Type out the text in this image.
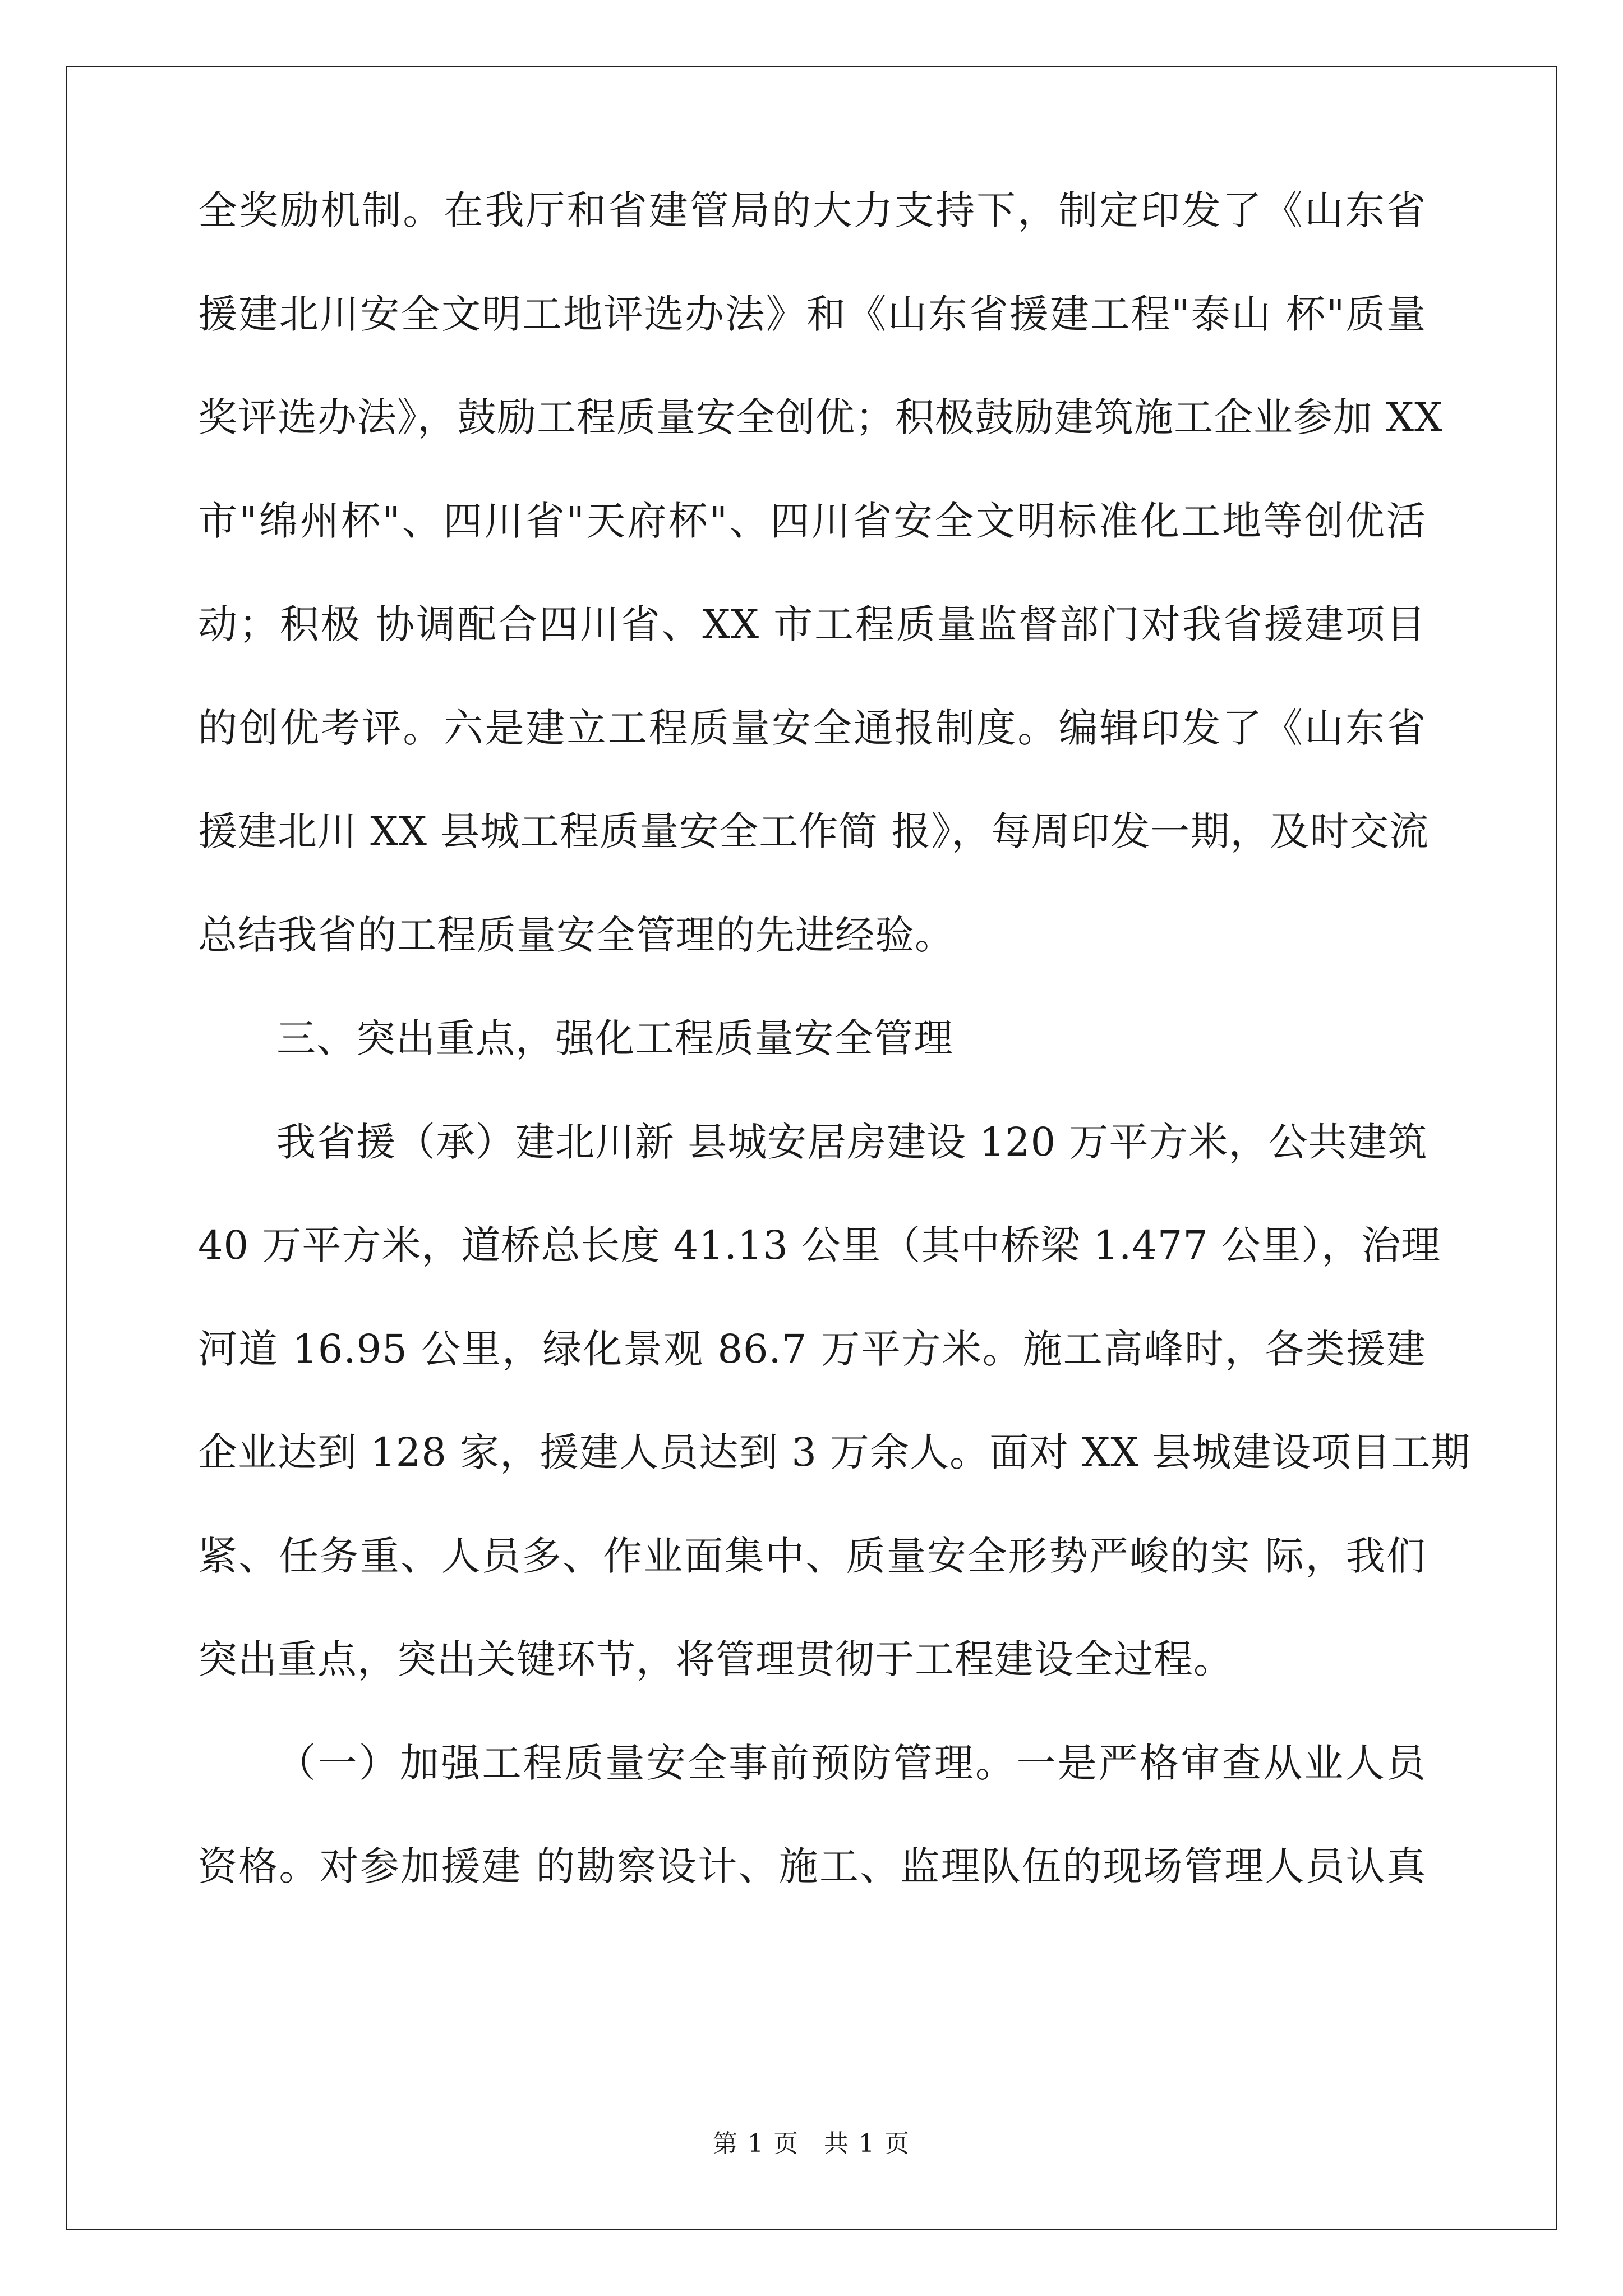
全奖励机制。在我厅和省建管局的大力支持下，制定印发了《山东省
援建北川安全文明工地评选办法》和《山东省援建工程"泰山 杯"质量
奖评选办法》，鼓励工程质量安全创优；积极鼓励建筑施工企业参加 XX
市"绵州杯"、四川省"天府杯"、四川省安全文明标准化工地等创优活
动；积极 协调配合四川省、XX 市工程质量监督部门对我省援建项目
的创优考评。六是建立工程质量安全通报制度。编辑印发了《山东省
援建北川 XX 县城工程质量安全工作简 报》，每周印发一期，及时交流
总结我省的工程质量安全管理的先进经验。
三、突出重点，强化工程质量安全管理
我省援（承）建北川新 县城安居房建设 120 万平方米，公共建筑
40 万平方米，道桥总长度 41.13 公里（其中桥梁 1.477 公里），治理
河道 16.95 公里，绿化景观 86.7 万平方米。施工高峰时，各类援建
企业达到 128 家，援建人员达到 3 万余人。面对 XX 县城建设项目工期
紧、任务重、人员多、作业面集中、质量安全形势严峻的实 际，我们
突出重点，突出关键环节，将管理贯彻于工程建设全过程。
（一）加强工程质量安全事前预防管理。一是严格审查从业人员
资格。对参加援建 的勘察设计、施工、监理队伍的现场管理人员认真
第 1 页 共 1 页
